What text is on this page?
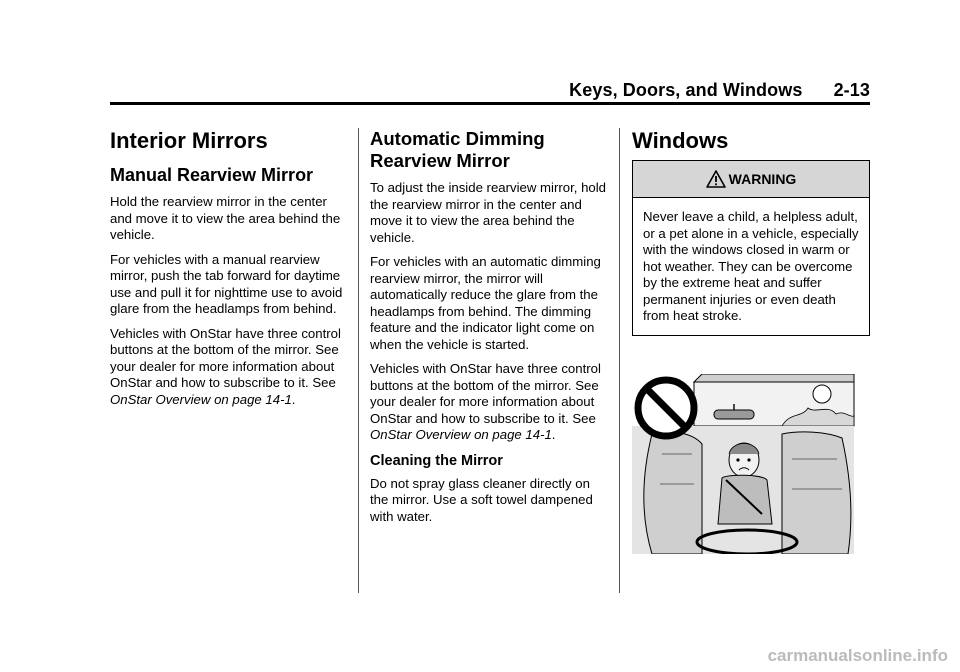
Keys, Doors, and Windows 2-13
Interior Mirrors
Manual Rearview Mirror

Hold the rearview mirror in the center and move it to view the area behind the vehicle.

For vehicles with a manual rearview mirror, push the tab forward for daytime use and pull it for nighttime use to avoid glare from the headlamps from behind.

Vehicles with OnStar have three control buttons at the bottom of the mirror. See your dealer for more information about OnStar and how to subscribe to it. See OnStar Overview on page 14-1.

Automatic Dimming
Rearview Mirror

To adjust the inside rearview mirror, hold the rearview mirror in the center and move it to view the area behind the vehicle.

For vehicles with an automatic dimming rearview mirror, the mirror will automatically reduce the glare from the headlamps from behind. The dimming feature and the indicator light come on when the vehicle is started.

Vehicles with OnStar have three control buttons at the bottom of the mirror. See your dealer for more information about OnStar and how to subscribe to it. See OnStar Overview on page 14-1.

Cleaning the Mirror

Do not spray glass cleaner directly on the mirror. Use a soft towel dampened with water.

Windows
WARNING

Never leave a child, a helpless adult, or a pet alone in a vehicle, especially with the windows closed in warm or hot weather. They can be overcome by the extreme heat and suffer permanent injuries or even death from heat stroke.

carmanualsonline.info
